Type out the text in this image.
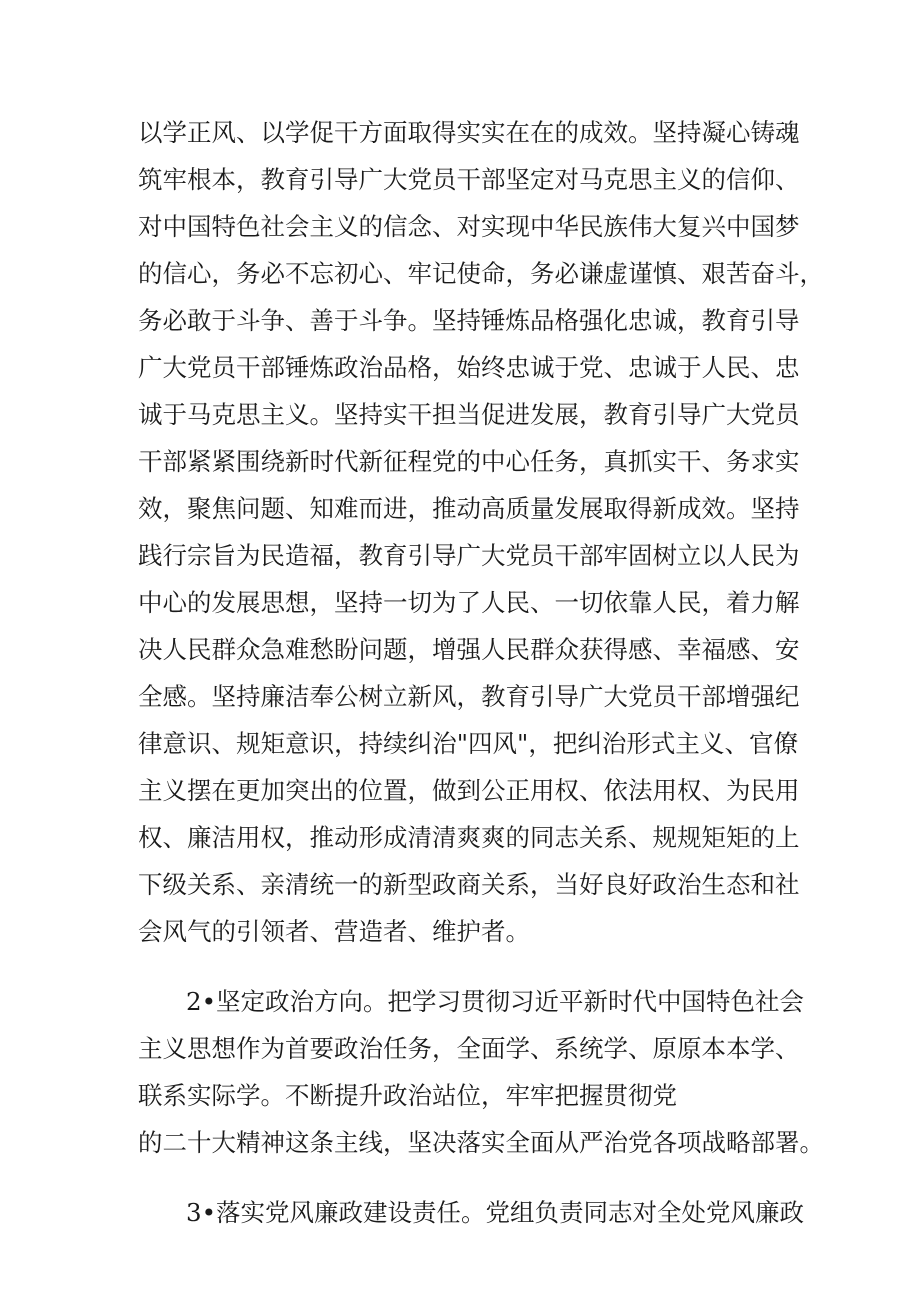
以学正风、以学促干方面取得实实在在的成效。坚持凝心铸魂
筑牢根本，教育引导广大党员干部坚定对马克思主义的信仰、
对中国特色社会主义的信念、对实现中华民族伟大复兴中国梦
的信心，务必不忘初心、牢记使命，务必谦虚谨慎、艰苦奋斗，
务必敢于斗争、善于斗争。坚持锤炼品格强化忠诚，教育引导
广大党员干部锤炼政治品格，始终忠诚于党、忠诚于人民、忠
诚于马克思主义。坚持实干担当促进发展，教育引导广大党员
干部紧紧围绕新时代新征程党的中心任务，真抓实干、务求实
效，聚焦问题、知难而进，推动高质量发展取得新成效。坚持
践行宗旨为民造福，教育引导广大党员干部牢固树立以人民为
中心的发展思想，坚持一切为了人民、一切依靠人民，着力解
决人民群众急难愁盼问题，增强人民群众获得感、幸福感、安
全感。坚持廉洁奉公树立新风，教育引导广大党员干部增强纪
律意识、规矩意识，持续纠治"四风"，把纠治形式主义、官僚
主义摆在更加突出的位置，做到公正用权、依法用权、为民用
权、廉洁用权，推动形成清清爽爽的同志关系、规规矩矩的上
下级关系、亲清统一的新型政商关系，当好良好政治生态和社
会风气的引领者、营造者、维护者。
2•坚定政治方向。把学习贯彻习近平新时代中国特色社会
主义思想作为首要政治任务，全面学、系统学、原原本本学、
联系实际学。不断提升政治站位，牢牢把握贯彻党
的二十大精神这条主线，坚决落实全面从严治党各项战略部署。
3•落实党风廉政建设责任。党组负责同志对全处党风廉政
